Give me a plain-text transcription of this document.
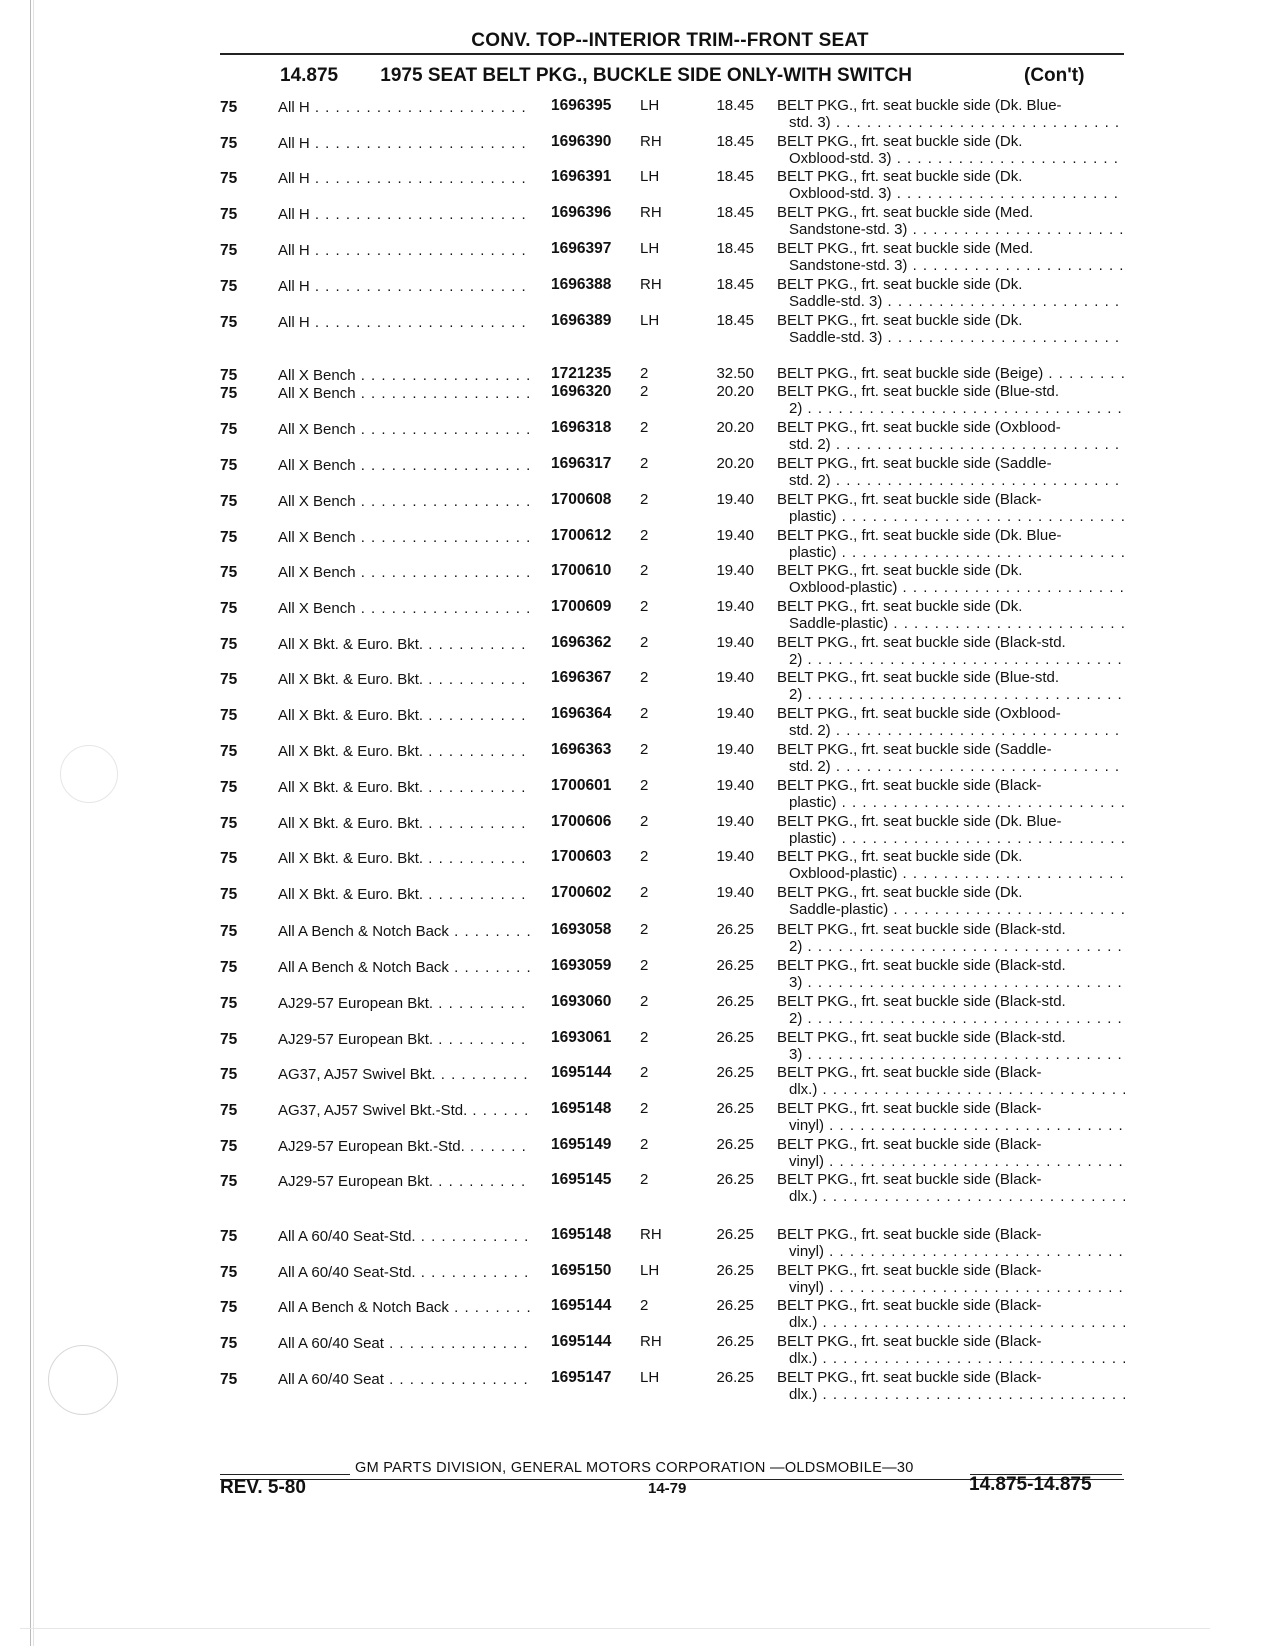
CONV. TOP--INTERIOR TRIM--FRONT SEAT
14.875 1975 SEAT BELT PKG., BUCKLE SIDE ONLY-WITH SWITCH	(Con't)
75	All H . . .	1696395 LH	18.45 BELT PKG., frt. seat buckle side (Dk. Blue-
std. 3) . . .
75	All H . . .	1696390 RH	18.45 BELT PKG., frt. seat buckle side (Dk.
Oxblood-std. 3) . . .
75	All H . . .	1696391 LH	18.45 BELT PKG., frt. seat buckle side (Dk.
Oxblood-std. 3) . . .
75	All H . . .	1696396 RH	18.45 BELT PKG., frt. seat buckle side (Med.
Sandstone-std. 3) . . .
75	All H . . .	1696397 LH	18.45 BELT PKG., frt. seat buckle side (Med.
Sandstone-std. 3) . . .
75	All H . . .	1696388 RH	18.45 BELT PKG., frt. seat buckle side (Dk.
Saddle-std. 3) . . .
75	All H . . .	1696389 LH	18.45 BELT PKG., frt. seat buckle side (Dk.
Saddle-std. 3) . . .
75	All X Bench . . .	1721235 2	32.50 BELT PKG., frt. seat buckle side (Beige) . . .
75	All X Bench . . .	1696320 2	20.20 BELT PKG., frt. seat buckle side (Blue-std.
2) . . .
75	All X Bench . . .	1696318 2	20.20 BELT PKG., frt. seat buckle side (Oxblood-
std. 2) . . .
75	All X Bench . . .	1696317 2	20.20 BELT PKG., frt. seat buckle side (Saddle-
std. 2) . . .
75	All X Bench . . .	1700608 2	19.40 BELT PKG., frt. seat buckle side (Black-
plastic) . . .
75	All X Bench . . .	1700612 2	19.40 BELT PKG., frt. seat buckle side (Dk. Blue-
plastic) . . .
75	All X Bench . . .	1700610 2	19.40 BELT PKG., frt. seat buckle side (Dk.
Oxblood-plastic) . . .
75	All X Bench . . .	1700609 2	19.40 BELT PKG., frt. seat buckle side (Dk.
Saddle-plastic) . . .
75	All X Bkt. & Euro. Bkt. . . .	1696362 2	19.40 BELT PKG., frt. seat buckle side (Black-std.
2) . . .
75	All X Bkt. & Euro. Bkt. . . .	1696367 2	19.40 BELT PKG., frt. seat buckle side (Blue-std.
2) . . .
75	All X Bkt. & Euro. Bkt. . . .	1696364 2	19.40 BELT PKG., frt. seat buckle side (Oxblood-
std. 2) . . .
75	All X Bkt. & Euro. Bkt. . . .	1696363 2	19.40 BELT PKG., frt. seat buckle side (Saddle-
std. 2) . . .
75	All X Bkt. & Euro. Bkt. . . .	1700601 2	19.40 BELT PKG., frt. seat buckle side (Black-
plastic) . . .
75	All X Bkt. & Euro. Bkt. . . .	1700606 2	19.40 BELT PKG., frt. seat buckle side (Dk. Blue-
plastic) . . .
75	All X Bkt. & Euro. Bkt. . . .	1700603 2	19.40 BELT PKG., frt. seat buckle side (Dk.
Oxblood-plastic) . . .
75	All X Bkt. & Euro. Bkt. . . .	1700602 2	19.40 BELT PKG., frt. seat buckle side (Dk.
Saddle-plastic) . . .
75	All A Bench & Notch Back . . .	1693058 2	26.25 BELT PKG., frt. seat buckle side (Black-std.
2) . . .
75	All A Bench & Notch Back . . .	1693059 2	26.25 BELT PKG., frt. seat buckle side (Black-std.
3) . . .
75	AJ29-57 European Bkt. . . .	1693060 2	26.25 BELT PKG., frt. seat buckle side (Black-std.
2) . . .
75	AJ29-57 European Bkt. . . .	1693061 2	26.25 BELT PKG., frt. seat buckle side (Black-std.
3) . . .
75	AG37, AJ57 Swivel Bkt. . . .	1695144 2	26.25 BELT PKG., frt. seat buckle side (Black-
dlx.) . . .
75	AG37, AJ57 Swivel Bkt.-Std. . . .	1695148 2	26.25 BELT PKG., frt. seat buckle side (Black-
vinyl) . . .
75	AJ29-57 European Bkt.-Std. . . .	1695149 2	26.25 BELT PKG., frt. seat buckle side (Black-
vinyl) . . .
75	AJ29-57 European Bkt. . . .	1695145 2	26.25 BELT PKG., frt. seat buckle side (Black-
dlx.) . . .
75	All A 60/40 Seat-Std. . . .	1695148 RH	26.25 BELT PKG., frt. seat buckle side (Black-
vinyl) . . .
75	All A 60/40 Seat-Std. . . .	1695150 LH	26.25 BELT PKG., frt. seat buckle side (Black-
vinyl) . . .
75	All A Bench & Notch Back . . .	1695144 2	26.25 BELT PKG., frt. seat buckle side (Black-
dlx.) . . .
75	All A 60/40 Seat . . .	1695144 RH	26.25 BELT PKG., frt. seat buckle side (Black-
dlx.) . . .
75	All A 60/40 Seat . . .	1695147 LH	26.25 BELT PKG., frt. seat buckle side (Black-
dlx.) . . .
GM PARTS DIVISION, GENERAL MOTORS CORPORATION —OLDSMOBILE—30
REV. 5-80	14-79	14.875-14.875
